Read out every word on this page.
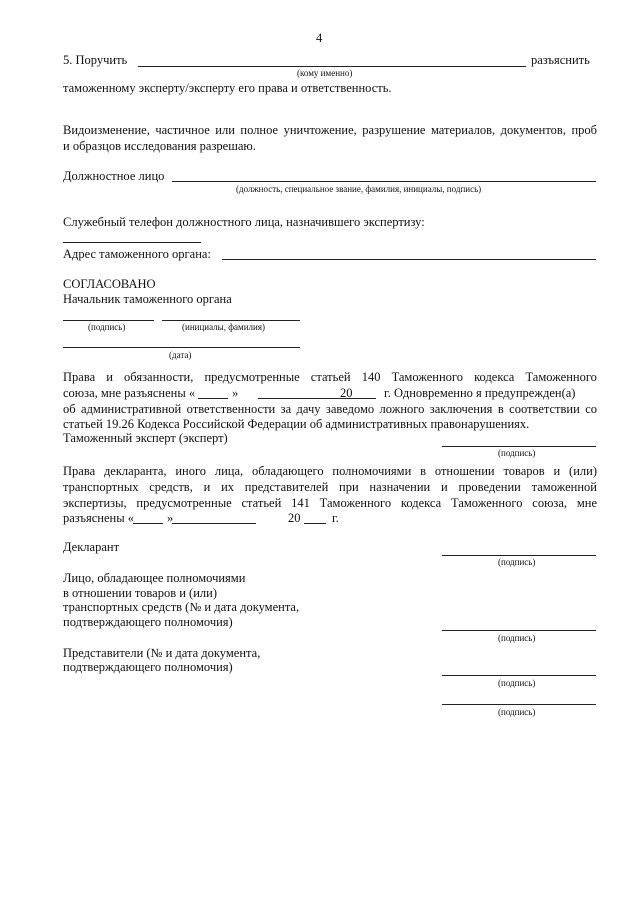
4
5. Поручить	разъяснить
(кому именно)
таможенному эксперту/эксперту его права и ответственность.
Видоизменение, частичное или полное уничтожение, разрушение материалов, документов, проб
и образцов исследования разрешаю.
Должностное лицо
(должность, специальное звание, фамилия, инициалы, подпись)
Служебный телефон должностного лица, назначившего экспертизу:
Адрес таможенного органа:
СОГЛАСОВАНО
Начальник таможенного органа
(подпись)	(инициалы, фамилия)
(дата)
Права и обязанности, предусмотренные статьей 140 Таможенного кодекса Таможенного
союза, мне разъяснены «	»	20	г. Одновременно я предупрежден(а)
об административной ответственности за дачу заведомо ложного заключения в соответствии со
статьей 19.26 Кодекса Российской Федерации об административных правонарушениях.
Таможенный эксперт (эксперт)
(подпись)
Права декларанта, иного лица, обладающего полномочиями в отношении товаров и (или)
транспортных средств, и их представителей при назначении и проведении таможенной
экспертизы, предусмотренные статьей 141 Таможенного кодекса Таможенного союза, мне
разъяснены «	»	20	г.
Декларант
(подпись)
Лицо, обладающее полномочиями
в отношении товаров и (или)
транспортных средств (№ и дата документа,
подтверждающего полномочия)
(подпись)
Представители (№ и дата документа,
подтверждающего полномочия)
(подпись)
(подпись)
